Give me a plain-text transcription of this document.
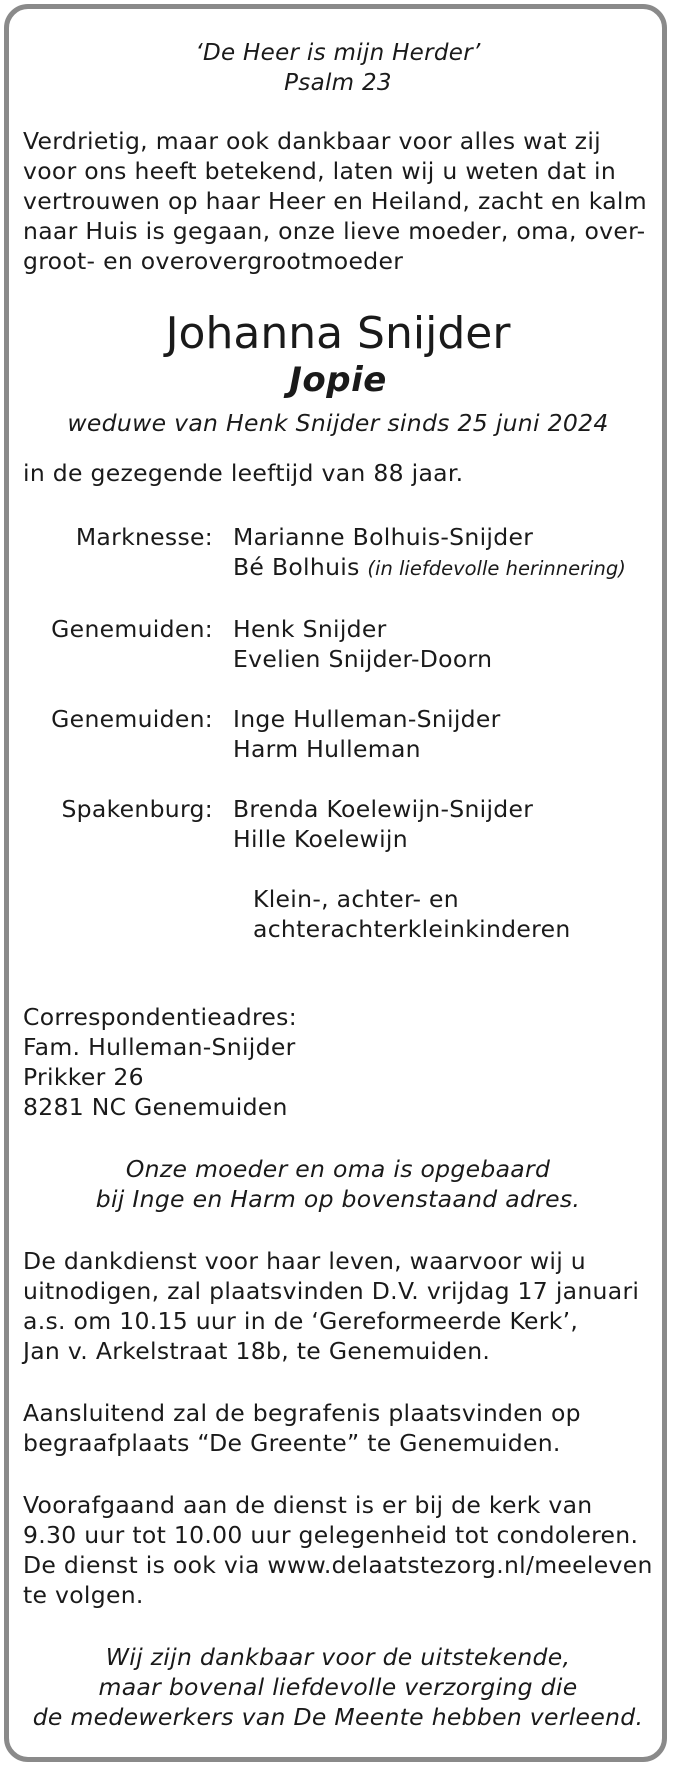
‘De Heer is mijn Herder’

Psalm 23

Verdrietig, maar ook dankbaar voor alles wat zij

voor ons heeft betekend, laten wij u weten dat in

vertrouwen op haar Heer en Heiland, zacht en kalm

naar Huis is gegaan, onze lieve moeder, oma, over-

groot- en overovergrootmoeder

Johanna Snijder

Jopie

weduwe van Henk Snijder sinds 25 juni 2024

in de gezegende leeftijd van 88 jaar.

Marknesse: Marianne Bolhuis-Snijder

Bé Bolhuis (in liefdevolle herinnering)

Genemuiden: Henk Snijder

Evelien Snijder-Doorn

Genemuiden: Inge Hulleman-Snijder

Harm Hulleman

Spakenburg: Brenda Koelewijn-Snijder

Hille Koelewijn

Klein-, achter- en

achterachterkleinkinderen

Correspondentieadres:

Fam. Hulleman-Snijder

Prikker 26

8281 NC Genemuiden

Onze moeder en oma is opgebaard

bij Inge en Harm op bovenstaand adres.

De dankdienst voor haar leven, waarvoor wij u

uitnodigen, zal plaatsvinden D.V. vrijdag 17 januari

a.s. om 10.15 uur in de ‘Gereformeerde Kerk’,

Jan v. Arkelstraat 18b, te Genemuiden.

Aansluitend zal de begrafenis plaatsvinden op

begraafplaats “De Greente” te Genemuiden.

Voorafgaand aan de dienst is er bij de kerk van

9.30 uur tot 10.00 uur gelegenheid tot condoleren.

De dienst is ook via www.delaatstezorg.nl/meeleven

te volgen.

Wij zijn dankbaar voor de uitstekende,

maar bovenal liefdevolle verzorging die

de medewerkers van De Meente hebben verleend.
